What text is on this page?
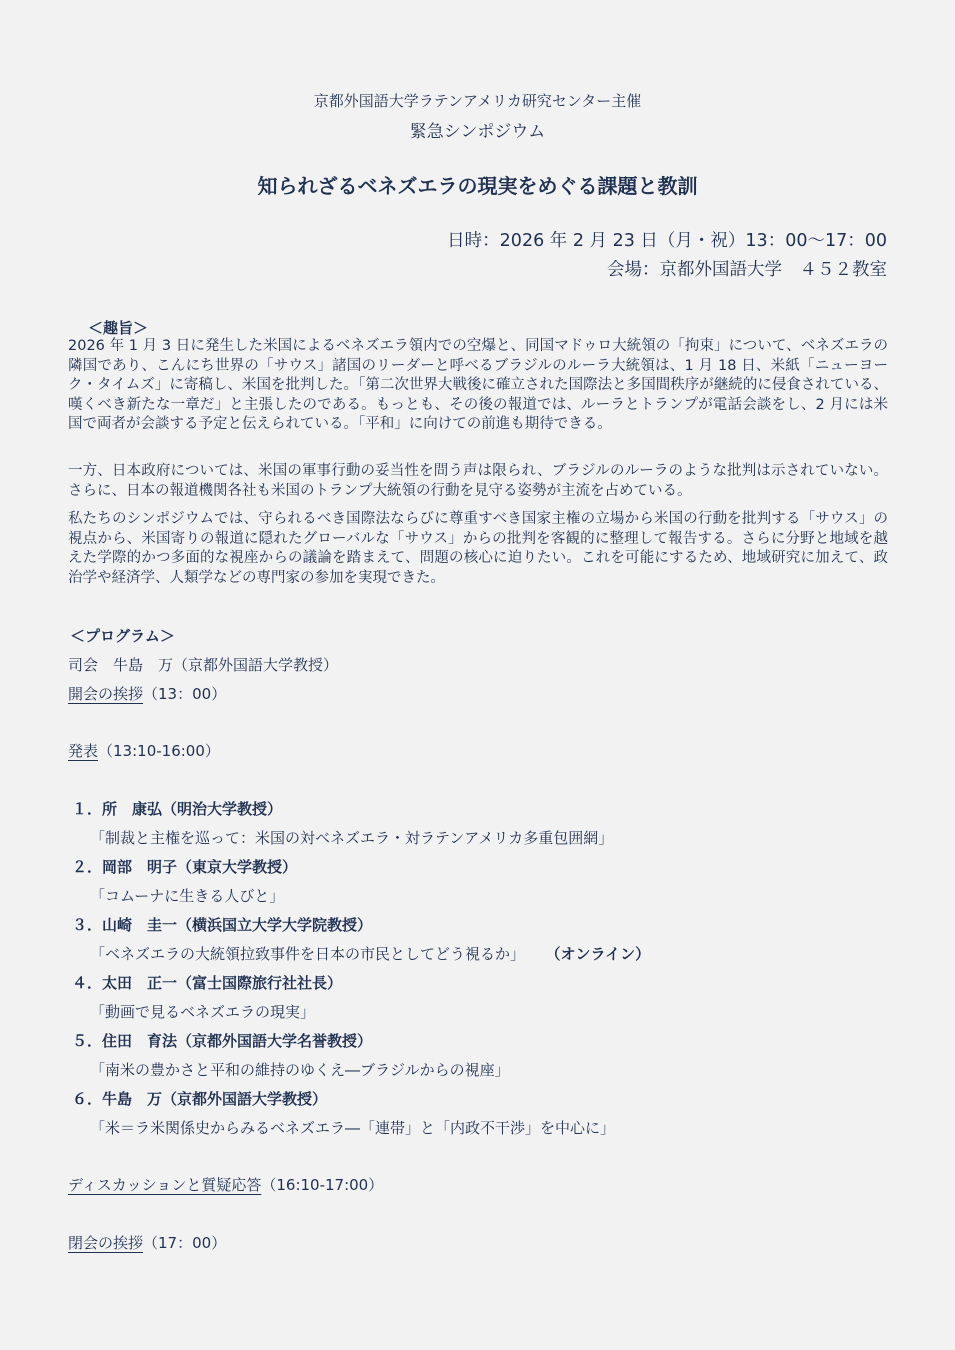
京都外国語大学ラテンアメリカ研究センター主催
緊急シンポジウム
知られざるベネズエラの現実をめぐる課題と教訓
日時：2026 年 2 月 23 日（月・祝）13：00～17：00
会場：京都外国語大学　４５２教室
＜趣旨＞
2026 年 1 月 3 日に発生した米国によるベネズエラ領内での空爆と、同国マドゥロ大統領の「拘束」について、ベネズエラの隣国であり、こんにち世界の「サウス」諸国のリーダーと呼べるブラジルのルーラ大統領は、1 月 18 日、米紙「ニューヨーク・タイムズ」に寄稿し、米国を批判した。「第二次世界大戦後に確立された国際法と多国間秩序が継続的に侵食されている、嘆くべき新たな一章だ」と主張したのである。もっとも、その後の報道では、ルーラとトランプが電話会談をし、2 月には米国で両者が会談する予定と伝えられている。「平和」に向けての前進も期待できる。
一方、日本政府については、米国の軍事行動の妥当性を問う声は限られ、ブラジルのルーラのような批判は示されていない。さらに、日本の報道機関各社も米国のトランプ大統領の行動を見守る姿勢が主流を占めている。
私たちのシンポジウムでは、守られるべき国際法ならびに尊重すべき国家主権の立場から米国の行動を批判する「サウス」の視点から、米国寄りの報道に隠れたグローバルな「サウス」からの批判を客観的に整理して報告する。さらに分野と地域を越えた学際的かつ多面的な視座からの議論を踏まえて、問題の核心に迫りたい。これを可能にするため、地域研究に加えて、政治学や経済学、人類学などの専門家の参加を実現できた。
＜プログラム＞
司会　牛島　万（京都外国語大学教授）
開会の挨拶（13：00）
発表（13:10-16:00）
１．所　康弘（明治大学教授）
「制裁と主権を巡って：米国の対ベネズエラ・対ラテンアメリカ多重包囲網」
２．岡部　明子（東京大学教授）
「コムーナに生きる人びと」
３．山崎　圭一（横浜国立大学大学院教授）
「ベネズエラの大統領拉致事件を日本の市民としてどう視るか」 （オンライン）
４．太田　正一（富士国際旅行社社長）
「動画で見るベネズエラの現実」
５．住田　育法（京都外国語大学名誉教授）
「南米の豊かさと平和の維持のゆくえ―ブラジルからの視座」
６．牛島　万（京都外国語大学教授）
「米＝ラ米関係史からみるベネズエラ―「連帯」と「内政不干渉」を中心に」
ディスカッションと質疑応答（16:10-17:00）
閉会の挨拶（17：00）
